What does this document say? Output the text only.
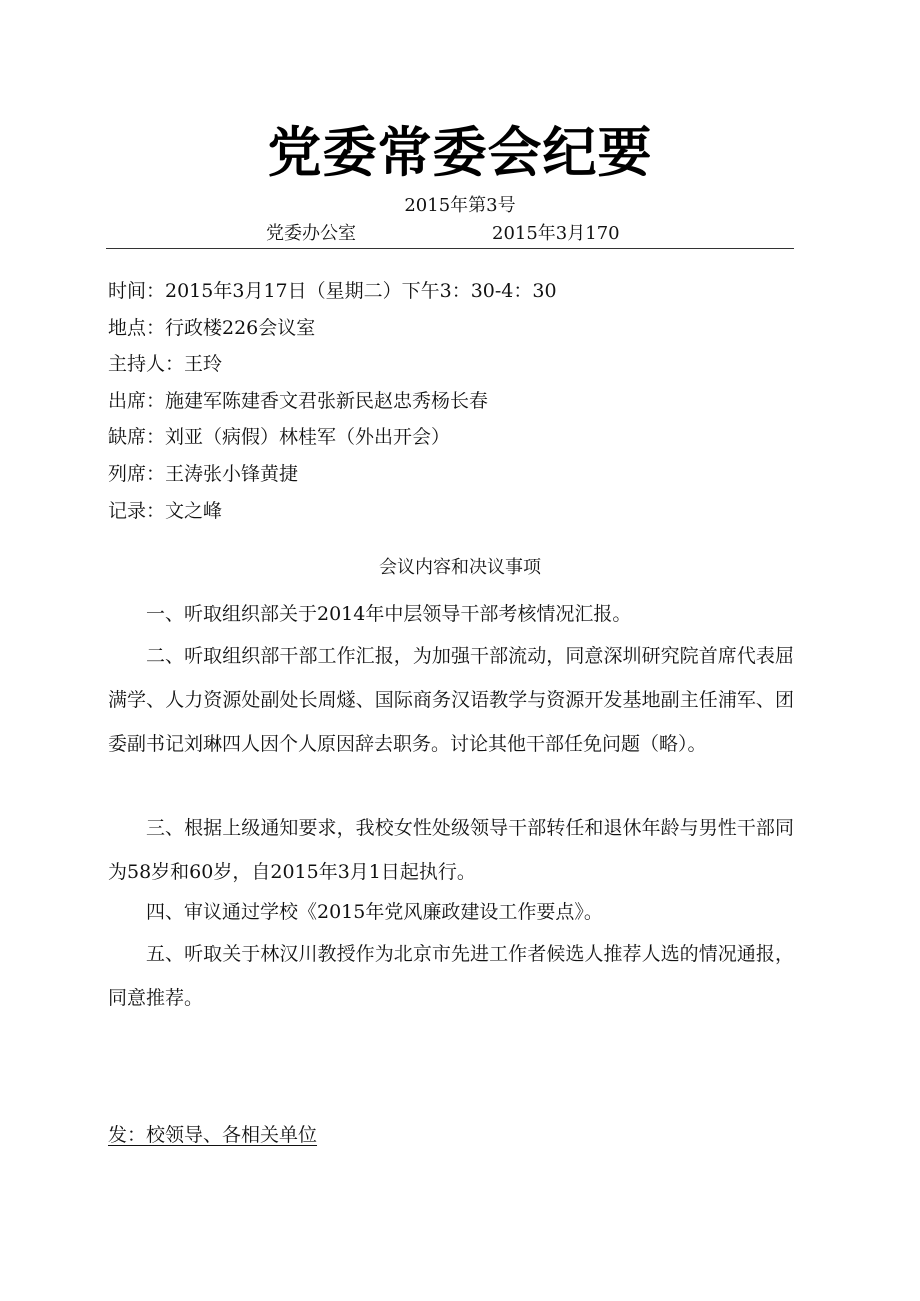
党委常委会纪要
2015年第3号
党委办公室	2015年3月170
时间：2015年3月17日（星期二）下午3：30-4：30
地点：行政楼226会议室
主持人：王玲
出席：施建军陈建香文君张新民赵忠秀杨长春
缺席：刘亚（病假）林桂军（外出开会）
列席：王涛张小锋黄捷
记录：文之峰
会议内容和决议事项
一、听取组织部关于2014年中层领导干部考核情况汇报。
二、听取组织部干部工作汇报，为加强干部流动，同意深圳研究院首席代表屈满学、人力资源处副处长周燧、国际商务汉语教学与资源开发基地副主任浦军、团委副书记刘琳四人因个人原因辞去职务。讨论其他干部任免问题（略）。
三、根据上级通知要求，我校女性处级领导干部转任和退休年龄与男性干部同为58岁和60岁，自2015年3月1日起执行。
四、审议通过学校《2015年党风廉政建设工作要点》。
五、听取关于林汉川教授作为北京市先进工作者候选人推荐人选的情况通报，同意推荐。
发：校领导、各相关单位
